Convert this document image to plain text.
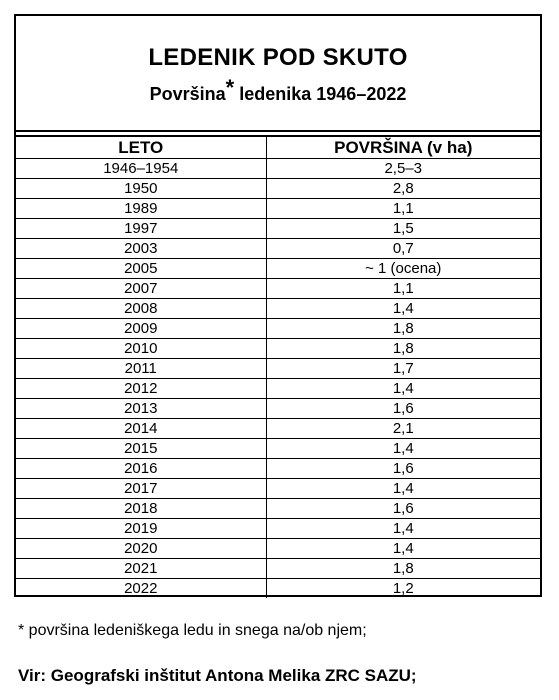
LEDENIK POD SKUTO
Površina* ledenika 1946–2022
LETO	POVRŠINA (v ha)
1946–1954	2,5–3
1950	2,8
1989	1,1
1997	1,5
2003	0,7
2005	~ 1 (ocena)
2007	1,1
2008	1,4
2009	1,8
2010	1,8
2011	1,7
2012	1,4
2013	1,6
2014	2,1
2015	1,4
2016	1,6
2017	1,4
2018	1,6
2019	1,4
2020	1,4
2021	1,8
2022	1,2
* površina ledeniškega ledu in snega na/ob njem;
Vir: Geografski inštitut Antona Melika ZRC SAZU;
